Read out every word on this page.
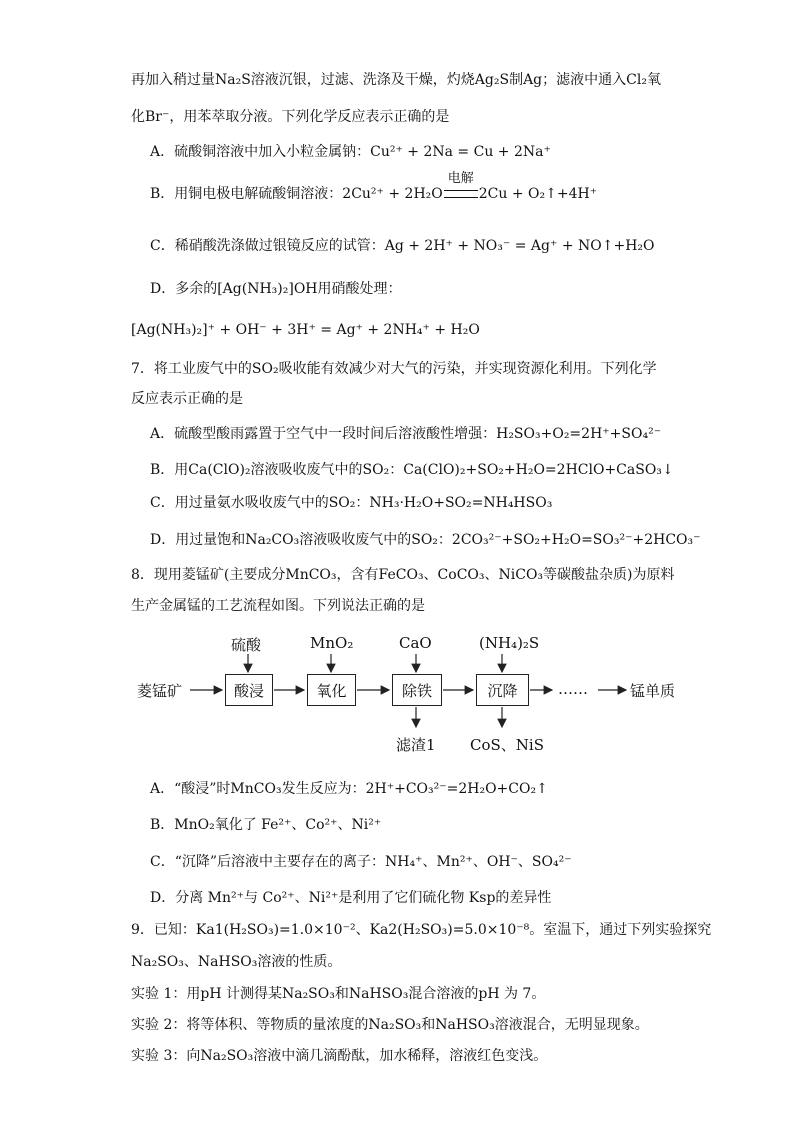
再加入稍过量Na₂S溶液沉银，过滤、洗涤及干燥，灼烧Ag₂S制Ag；滤液中通入Cl₂氧
化Br⁻，用苯萃取分液。下列化学反应表示正确的是
A．硫酸铜溶液中加入小粒金属钠：Cu²⁺ + 2Na = Cu + 2Na⁺
B．用铜电极电解硫酸铜溶液：2Cu²⁺ + 2H₂O
电解
2Cu + O₂↑+4H⁺
C．稀硝酸洗涤做过银镜反应的试管：Ag + 2H⁺ + NO₃⁻ = Ag⁺ + NO↑+H₂O
D．多余的[Ag(NH₃)₂]OH用硝酸处理：
[Ag(NH₃)₂]⁺ + OH⁻ + 3H⁺ = Ag⁺ + 2NH₄⁺ + H₂O
7．将工业废气中的SO₂吸收能有效减少对大气的污染，并实现资源化利用。下列化学
反应表示正确的是
A．硫酸型酸雨露置于空气中一段时间后溶液酸性增强：H₂SO₃+O₂=2H⁺+SO₄²⁻
B．用Ca(ClO)₂溶液吸收废气中的SO₂：Ca(ClO)₂+SO₂+H₂O=2HClO+CaSO₃↓
C．用过量氨水吸收废气中的SO₂：NH₃·H₂O+SO₂=NH₄HSO₃
D．用过量饱和Na₂CO₃溶液吸收废气中的SO₂：2CO₃²⁻+SO₂+H₂O=SO₃²⁻+2HCO₃⁻
8．现用菱锰矿(主要成分MnCO₃，含有FeCO₃、CoCO₃、NiCO₃等碳酸盐杂质)为原料
生产金属锰的工艺流程如图。下列说法正确的是
菱锰矿	酸浸	氧化	除铁	沉降
硫酸	MnO₂	CaO	(NH₄)₂S
滤渣1 CoS、NiS
……	锰单质
A．“酸浸”时MnCO₃发生反应为：2H⁺+CO₃²⁻=2H₂O+CO₂↑
B．MnO₂氧化了 Fe²⁺、Co²⁺、Ni²⁺
C．“沉降”后溶液中主要存在的离子：NH₄⁺、Mn²⁺、OH⁻、SO₄²⁻
D．分离 Mn²⁺与 Co²⁺、Ni²⁺是利用了它们硫化物 Ksp的差异性
9．已知：Ka1(H₂SO₃)=1.0×10⁻²、Ka2(H₂SO₃)=5.0×10⁻⁸。室温下，通过下列实验探究
Na₂SO₃、NaHSO₃溶液的性质。
实验 1：用pH 计测得某Na₂SO₃和NaHSO₃混合溶液的pH 为 7。
实验 2：将等体积、等物质的量浓度的Na₂SO₃和NaHSO₃溶液混合，无明显现象。
实验 3：向Na₂SO₃溶液中滴几滴酚酞，加水稀释，溶液红色变浅。
